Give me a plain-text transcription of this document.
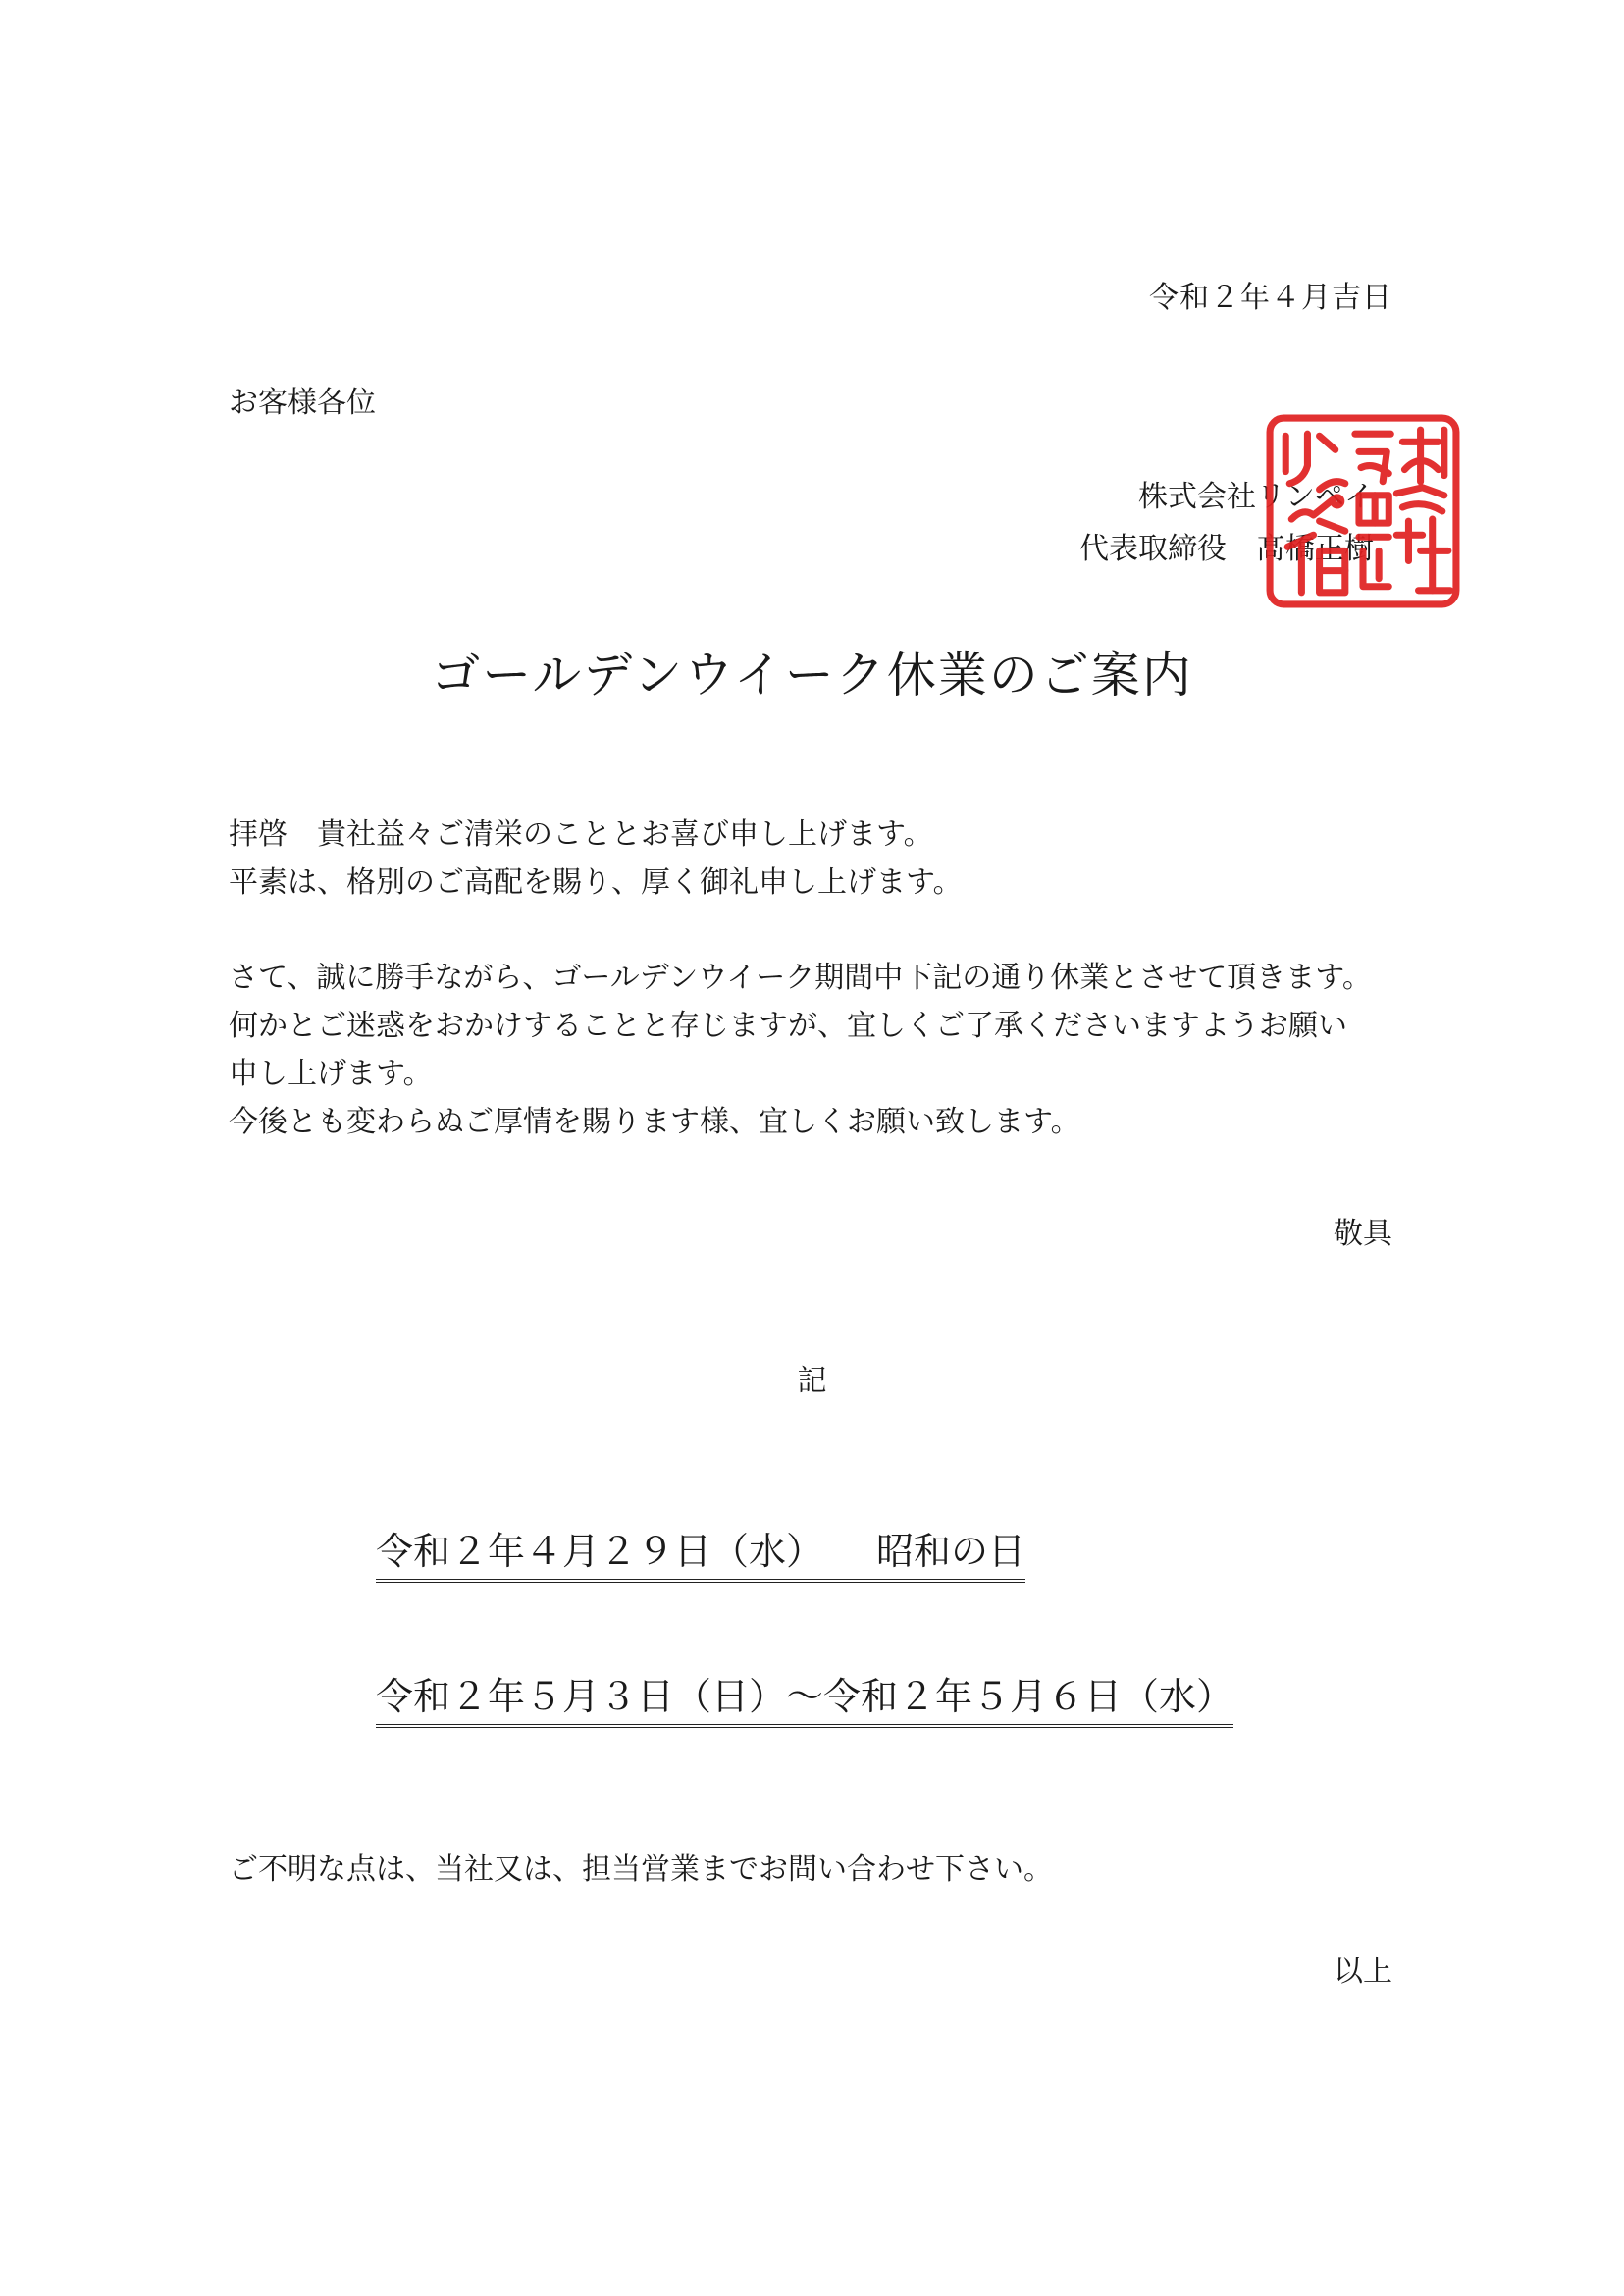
令和２年４月吉日
お客様各位
株式会社リンペイ
代表取締役　髙橋正樹
ゴールデンウイーク休業のご案内

拝啓　貴社益々ご清栄のこととお喜び申し上げます。

平素は、格別のご高配を賜り、厚く御礼申し上げます。

さて、誠に勝手ながら、ゴールデンウイーク期間中下記の通り休業とさせて頂きます。

何かとご迷惑をおかけすることと存じますが、宜しくご了承くださいますようお願い

申し上げます。

今後とも変わらぬご厚情を賜ります様、宜しくお願い致します。

敬具
記
令和２年４月２９日（水） 昭和の日
令和２年５月３日（日）～令和２年５月６日（水）
ご不明な点は、当社又は、担当営業までお問い合わせ下さい。
以上
